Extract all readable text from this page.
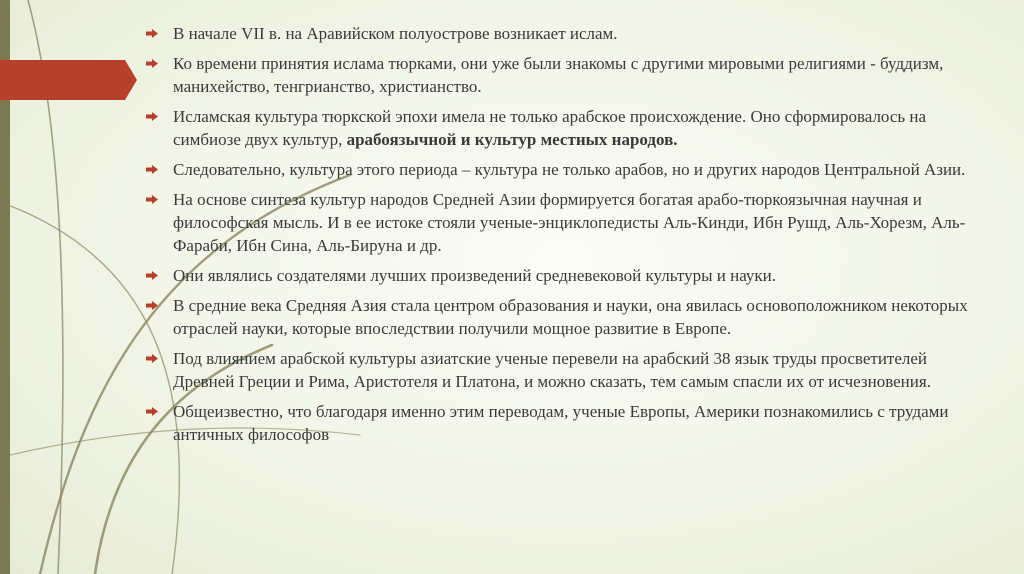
В начале VII в. на Аравийском полуострове возникает ислам.
Ко времени принятия ислама тюрками, они уже были знакомы с другими мировыми религиями - буддизм, манихейство, тенгрианство, христианство.
Исламская культура тюркской эпохи имела не только арабское происхождение. Оно сформировалось на симбиозе двух культур, арабоязычной и культур местных народов.
Следовательно, культура этого периода – культура не только арабов, но и других народов Центральной Азии.
На основе синтеза культур народов Средней Азии формируется богатая арабо-тюркоязычная научная и философская мысль. И в ее истоке стояли ученые-энциклопедисты Аль-Кинди, Ибн Рушд, Аль-Хорезм, Аль-Фараби, Ибн Сина, Аль-Бируна и др.
Они являлись создателями лучших произведений средневековой культуры и науки.
В средние века Средняя Азия стала центром образования и науки, она явилась основоположником некоторых отраслей науки, которые впоследствии получили мощное развитие в Европе.
Под влиянием арабской культуры азиатские ученые перевели на арабский 38 язык труды просветителей Древней Греции и Рима, Аристотеля и Платона, и можно сказать, тем самым спасли их от исчезновения.
Общеизвестно, что благодаря именно этим переводам, ученые Европы, Америки познакомились с трудами античных философов
